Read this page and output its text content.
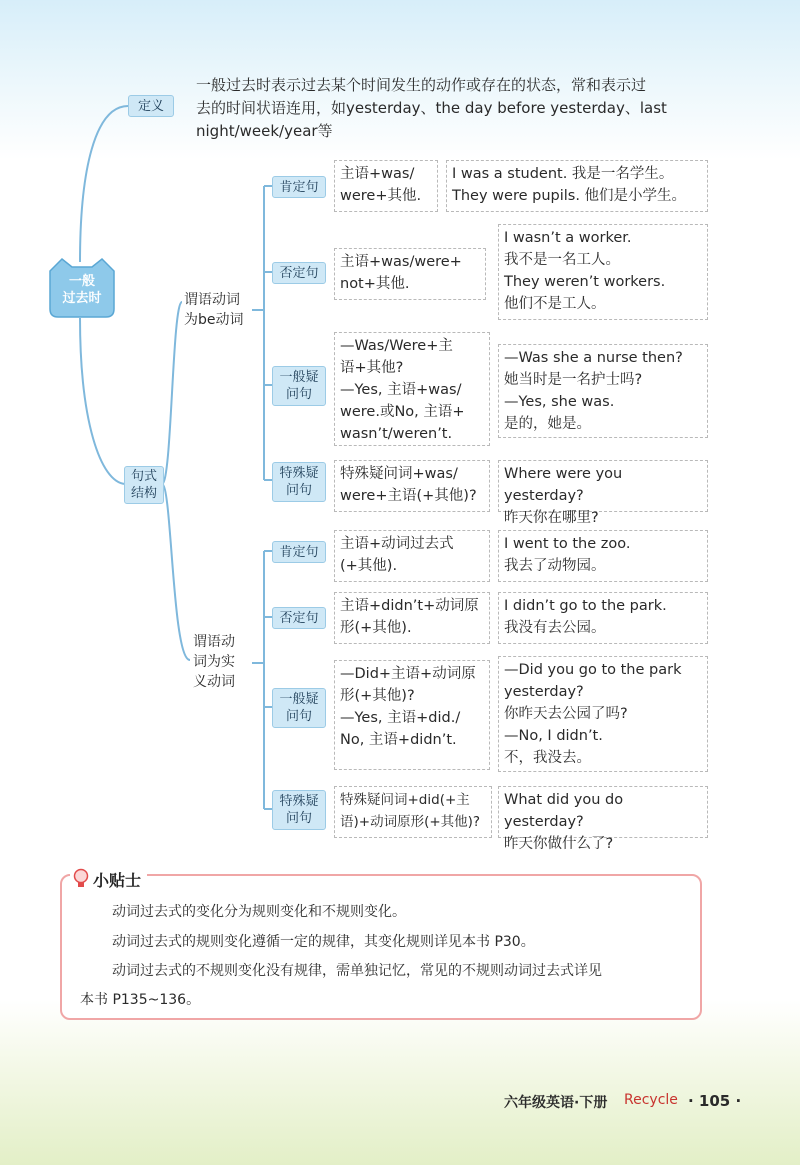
一般
过去时
定义
一般过去时表示过去某个时间发生的动作或存在的状态，常和表示过
去的时间状语连用，如yesterday、the day before yesterday、last
night/week/year等
句式
结构
谓语动词
为be动词
谓语动
词为实
义动词
肯定句
主语+was/
were+其他.
I was a student. 我是一名学生。
They were pupils. 他们是小学生。
否定句
主语+was/were+
not+其他.
I wasn’t a worker.
我不是一名工人。
They weren’t workers.
他们不是工人。
一般疑
问句
—Was/Were+主
语+其他?
—Yes, 主语+was/
were.或No, 主语+
wasn’t/weren’t.
—Was she a nurse then?
她当时是一名护士吗?
—Yes, she was.
是的，她是。
特殊疑
问句
特殊疑问词+was/
were+主语(+其他)?
Where were you yesterday?
昨天你在哪里?
肯定句	主语+动词过去式
(+其他).
I went to the zoo.
我去了动物园。
否定句
主语+didn’t+动词原
形(+其他).
I didn’t go to the park.
我没有去公园。
一般疑
问句
—Did+主语+动词原
形(+其他)?
—Yes, 主语+did./
No, 主语+didn’t.
—Did you go to the park
yesterday?
你昨天去公园了吗?
—No, I didn’t.
不，我没去。
特殊疑
问句
特殊疑问词+did(+主
语)+动词原形(+其他)?
What did you do yesterday?
昨天你做什么了?
小贴士
动词过去式的变化分为规则变化和不规则变化。
动词过去式的规则变化遵循一定的规律，其变化规则详见本书 P30。
动词过去式的不规则变化没有规律，需单独记忆，常见的不规则动词过去式详见
本书 P135~136。
六年级英语·下册 Recycle · 105 ·
